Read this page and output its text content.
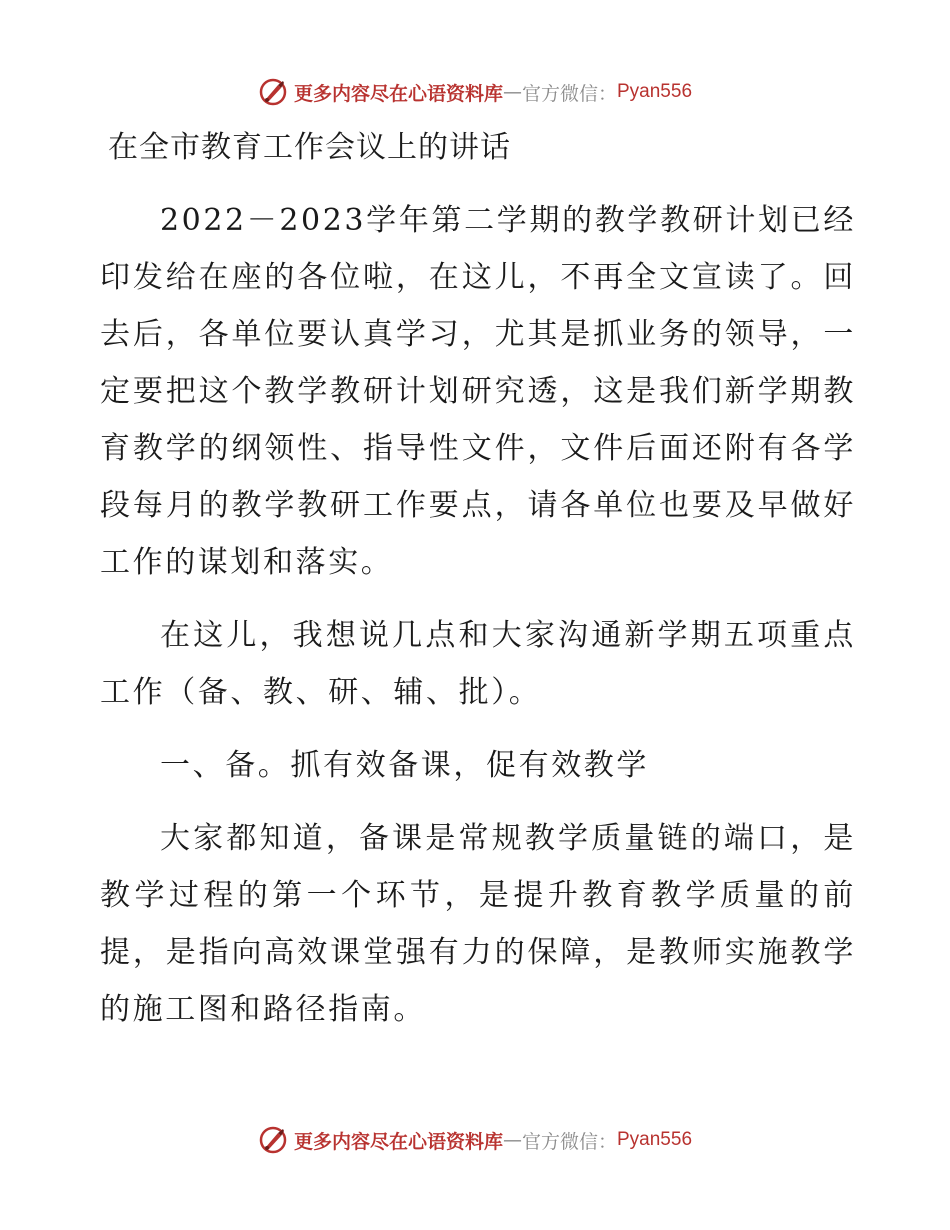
更多内容尽在心语资料库 — 官方微信： Pyan556
在全市教育工作会议上的讲话

2022－2023学年第二学期的教学教研计划已经印发给在座的各位啦，在这儿，不再全文宣读了。回去后，各单位要认真学习，尤其是抓业务的领导，一定要把这个教学教研计划研究透，这是我们新学期教育教学的纲领性、指导性文件，文件后面还附有各学段每月的教学教研工作要点，请各单位也要及早做好工作的谋划和落实。

在这儿，我想说几点和大家沟通新学期五项重点工作（备、教、研、辅、批）。

一、备。抓有效备课，促有效教学

大家都知道，备课是常规教学质量链的端口，是教学过程的第一个环节，是提升教育教学质量的前提，是指向高效课堂强有力的保障，是教师实施教学的施工图和路径指南。

更多内容尽在心语资料库 — 官方微信： Pyan556
